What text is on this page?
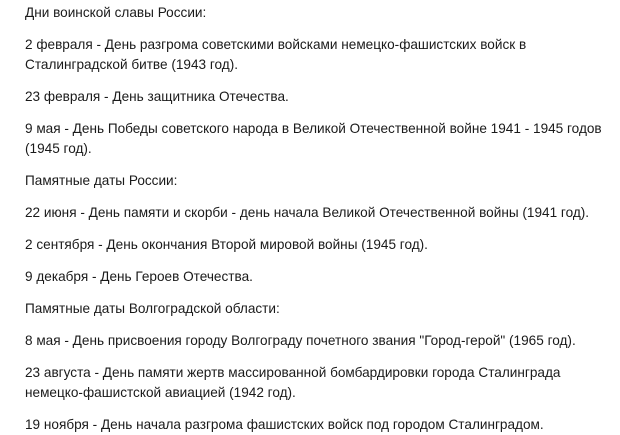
Дни воинской славы России:

2 февраля - День разгрома советскими войсками немецко-фашистских войск в Сталинградской битве (1943 год).

23 февраля - День защитника Отечества.

9 мая - День Победы советского народа в Великой Отечественной войне 1941 - 1945 годов (1945 год).

Памятные даты России:

22 июня - День памяти и скорби - день начала Великой Отечественной войны (1941 год).

2 сентября - День окончания Второй мировой войны (1945 год).

9 декабря - День Героев Отечества.

Памятные даты Волгоградской области:

8 мая - День присвоения городу Волгограду почетного звания "Город-герой" (1965 год).

23 августа - День памяти жертв массированной бомбардировки города Сталинграда немецко-фашистской авиацией (1942 год).

19 ноября - День начала разгрома фашистских войск под городом Сталинградом.
